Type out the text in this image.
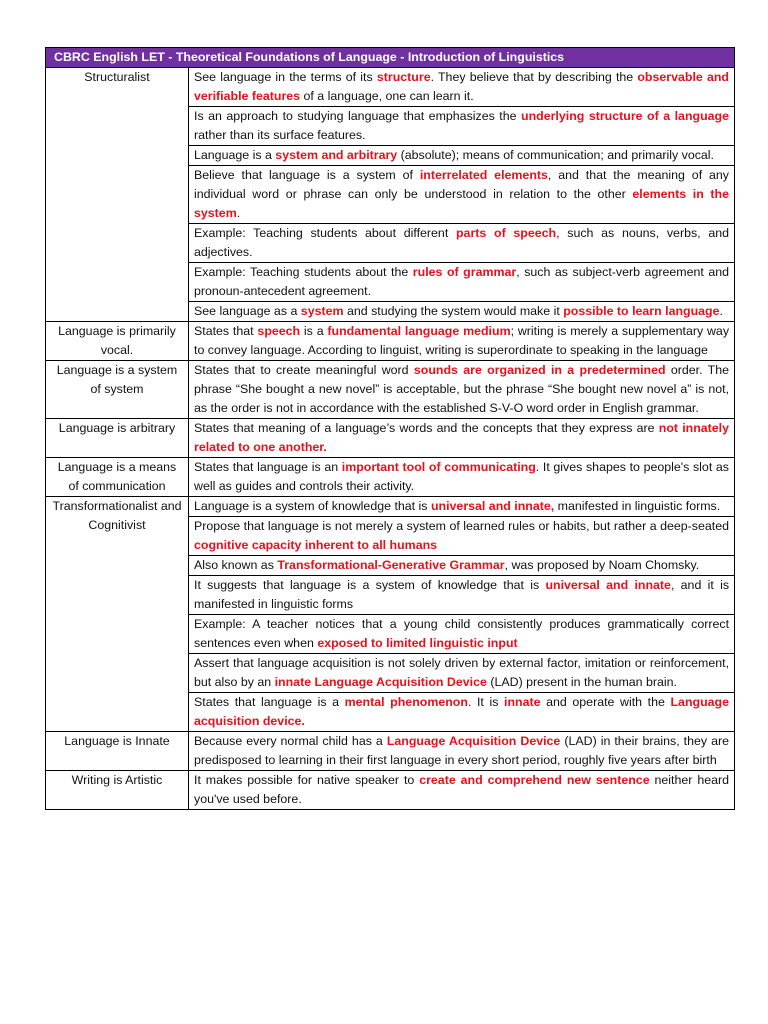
CBRC English LET - Theoretical Foundations of Language - Introduction of Linguistics	
Structuralist	See language in the terms of its structure. They believe that by describing the observable and verifiable features of a language, one can learn it.
	Is an approach to studying language that emphasizes the underlying structure of a language rather than its surface features.
	Language is a system and arbitrary (absolute); means of communication; and primarily vocal.
	Believe that language is a system of interrelated elements, and that the meaning of any individual word or phrase can only be understood in relation to the other elements in the system.
	Example: Teaching students about different parts of speech, such as nouns, verbs, and adjectives.
	Example: Teaching students about the rules of grammar, such as subject-verb agreement and pronoun-antecedent agreement.
	See language as a system and studying the system would make it possible to learn language.
Language is primarily vocal.	States that speech is a fundamental language medium; writing is merely a supplementary way to convey language. According to linguist, writing is superordinate to speaking in the language
Language is a system of system	States that to create meaningful word sounds are organized in a predetermined order. The phrase “She bought a new novel” is acceptable, but the phrase “She bought new novel a” is not, as the order is not in accordance with the established S-V-O word order in English grammar.
Language is arbitrary	States that meaning of a language’s words and the concepts that they express are not innately related to one another.
Language is a means of communication	States that language is an important tool of communicating. It gives shapes to people's slot as well as guides and controls their activity.
Transformationalist and Cognitivist	Language is a system of knowledge that is universal and innate, manifested in linguistic forms.
	Propose that language is not merely a system of learned rules or habits, but rather a deep-seated cognitive capacity inherent to all humans
	Also known as Transformational-Generative Grammar, was proposed by Noam Chomsky.
	It suggests that language is a system of knowledge that is universal and innate, and it is manifested in linguistic forms
	Example: A teacher notices that a young child consistently produces grammatically correct sentences even when exposed to limited linguistic input
	Assert that language acquisition is not solely driven by external factor, imitation or reinforcement, but also by an innate Language Acquisition Device (LAD) present in the human brain.
	States that language is a mental phenomenon. It is innate and operate with the Language acquisition device.
Language is Innate	Because every normal child has a Language Acquisition Device (LAD) in their brains, they are predisposed to learning in their first language in every short period, roughly five years after birth
Writing is Artistic	It makes possible for native speaker to create and comprehend new sentence neither heard you've used before.
